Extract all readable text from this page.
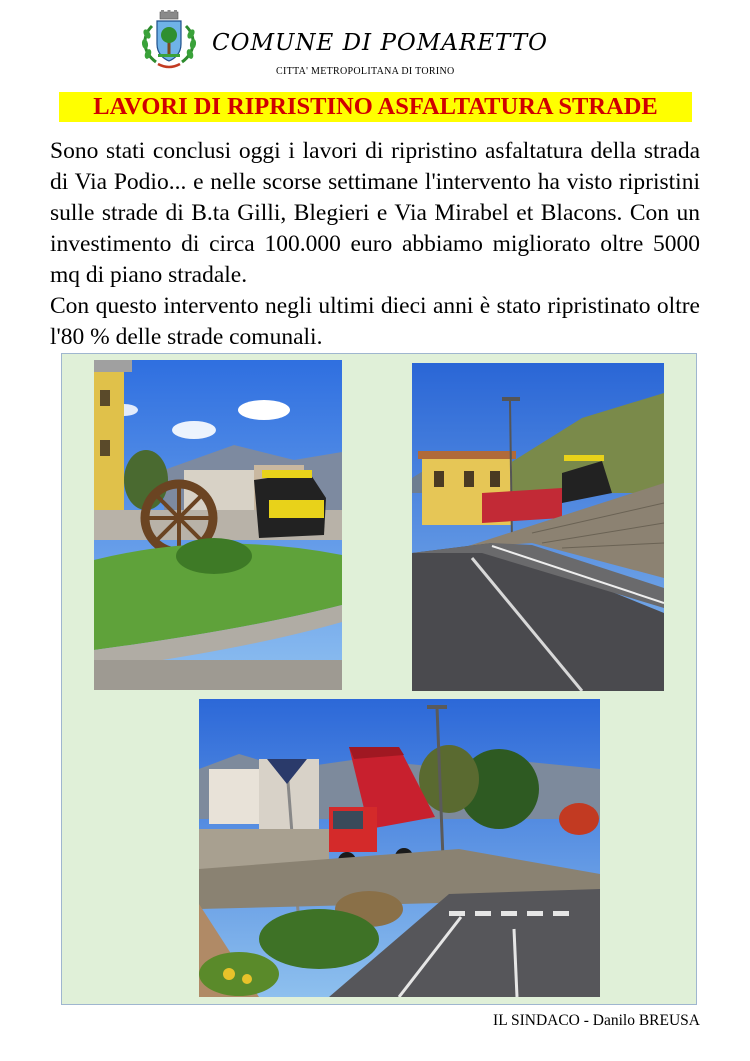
COMUNE DI POMARETTO
CITTA' METROPOLITANA DI TORINO
LAVORI DI RIPRISTINO ASFALTATURA STRADE

Sono stati conclusi oggi i lavori di ripristino asfaltatura della strada di Via Podio... e nelle scorse settimane l'intervento ha visto ripristini sulle strade di B.ta Gilli, Blegieri e Via Mirabel et Blacons. Con un investimento di circa 100.000 euro abbiamo migliorato oltre 5000 mq di piano stradale.

Con questo intervento negli ultimi dieci anni è stato ripristinato oltre l'80 % delle strade comunali.

IL SINDACO - Danilo BREUSA
